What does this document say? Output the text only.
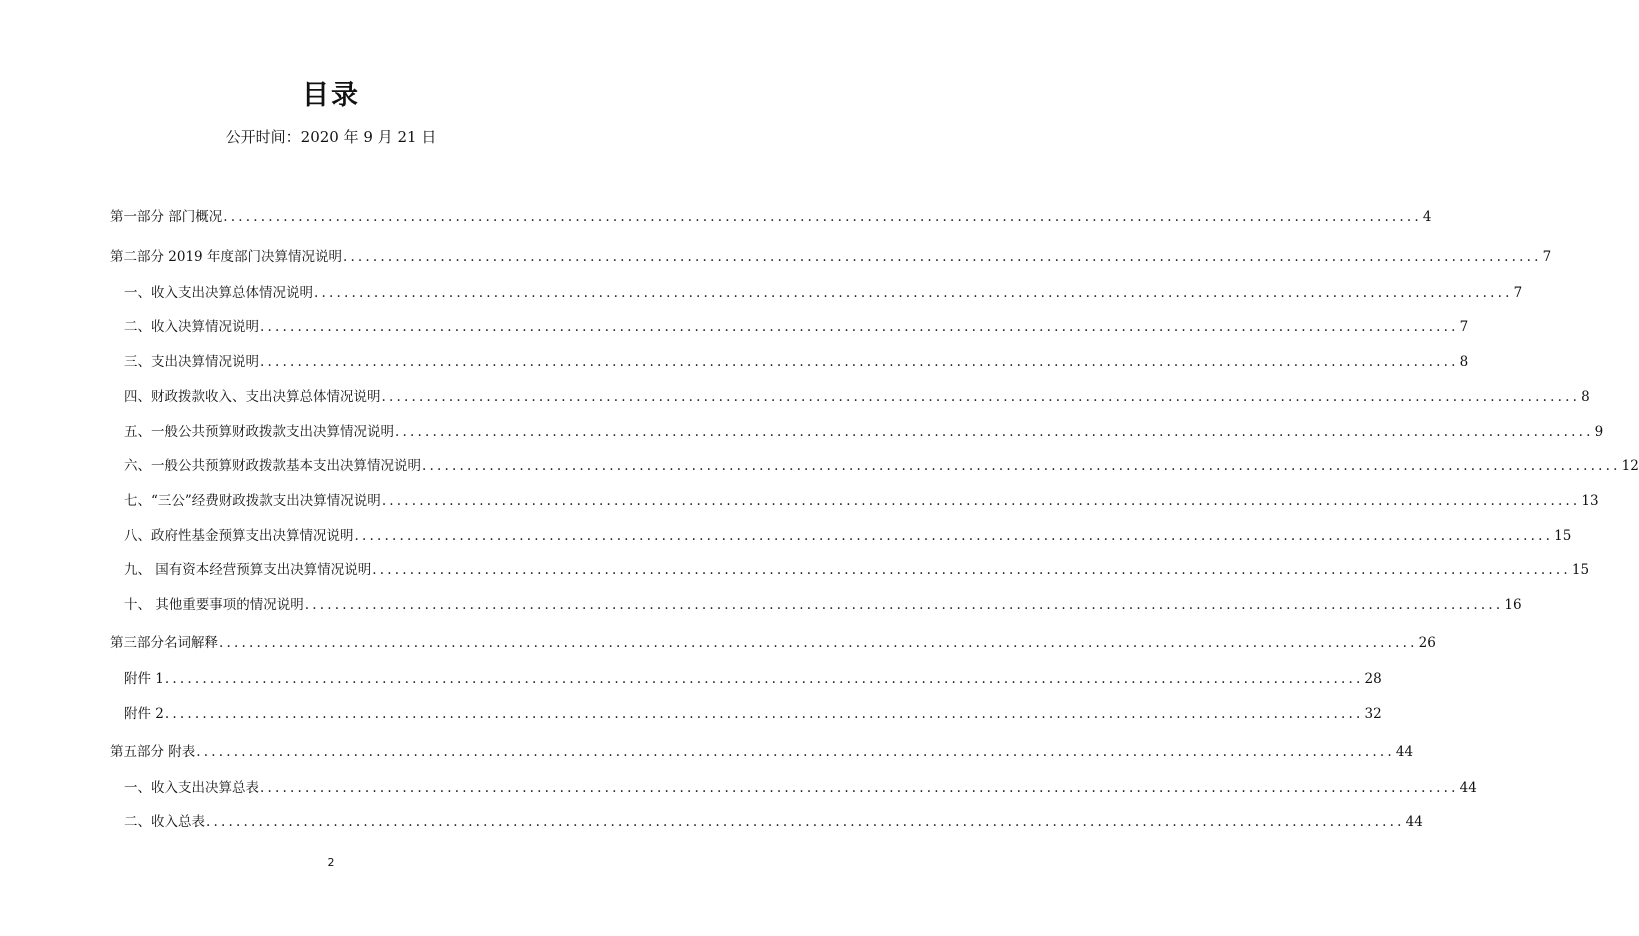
目录
公开时间：2020 年 9 月 21 日
第一部分 部门概况 ................................................................................................................................................................ 4
第二部分 2019 年度部门决算情况说明 ................................................................................................................................................................ 7
一、收入支出决算总体情况说明 ................................................................................................................................................................ 7
二、收入决算情况说明 ................................................................................................................................................................ 7
三、支出决算情况说明 ................................................................................................................................................................ 8
四、财政拨款收入、支出决算总体情况说明 ................................................................................................................................................................ 8
五、一般公共预算财政拨款支出决算情况说明 ................................................................................................................................................................ 9
六、一般公共预算财政拨款基本支出决算情况说明 ................................................................................................................................................................ 12
七、“三公”经费财政拨款支出决算情况说明 ................................................................................................................................................................ 13
八、政府性基金预算支出决算情况说明 ................................................................................................................................................................ 15
九、 国有资本经营预算支出决算情况说明 ................................................................................................................................................................ 15
十、 其他重要事项的情况说明 ................................................................................................................................................................ 16
第三部分名词解释 ................................................................................................................................................................ 26
附件 1 ................................................................................................................................................................ 28
附件 2 ................................................................................................................................................................ 32
第五部分 附表 ................................................................................................................................................................ 44
一、收入支出决算总表 ................................................................................................................................................................ 44
二、收入总表 ................................................................................................................................................................ 44
2
